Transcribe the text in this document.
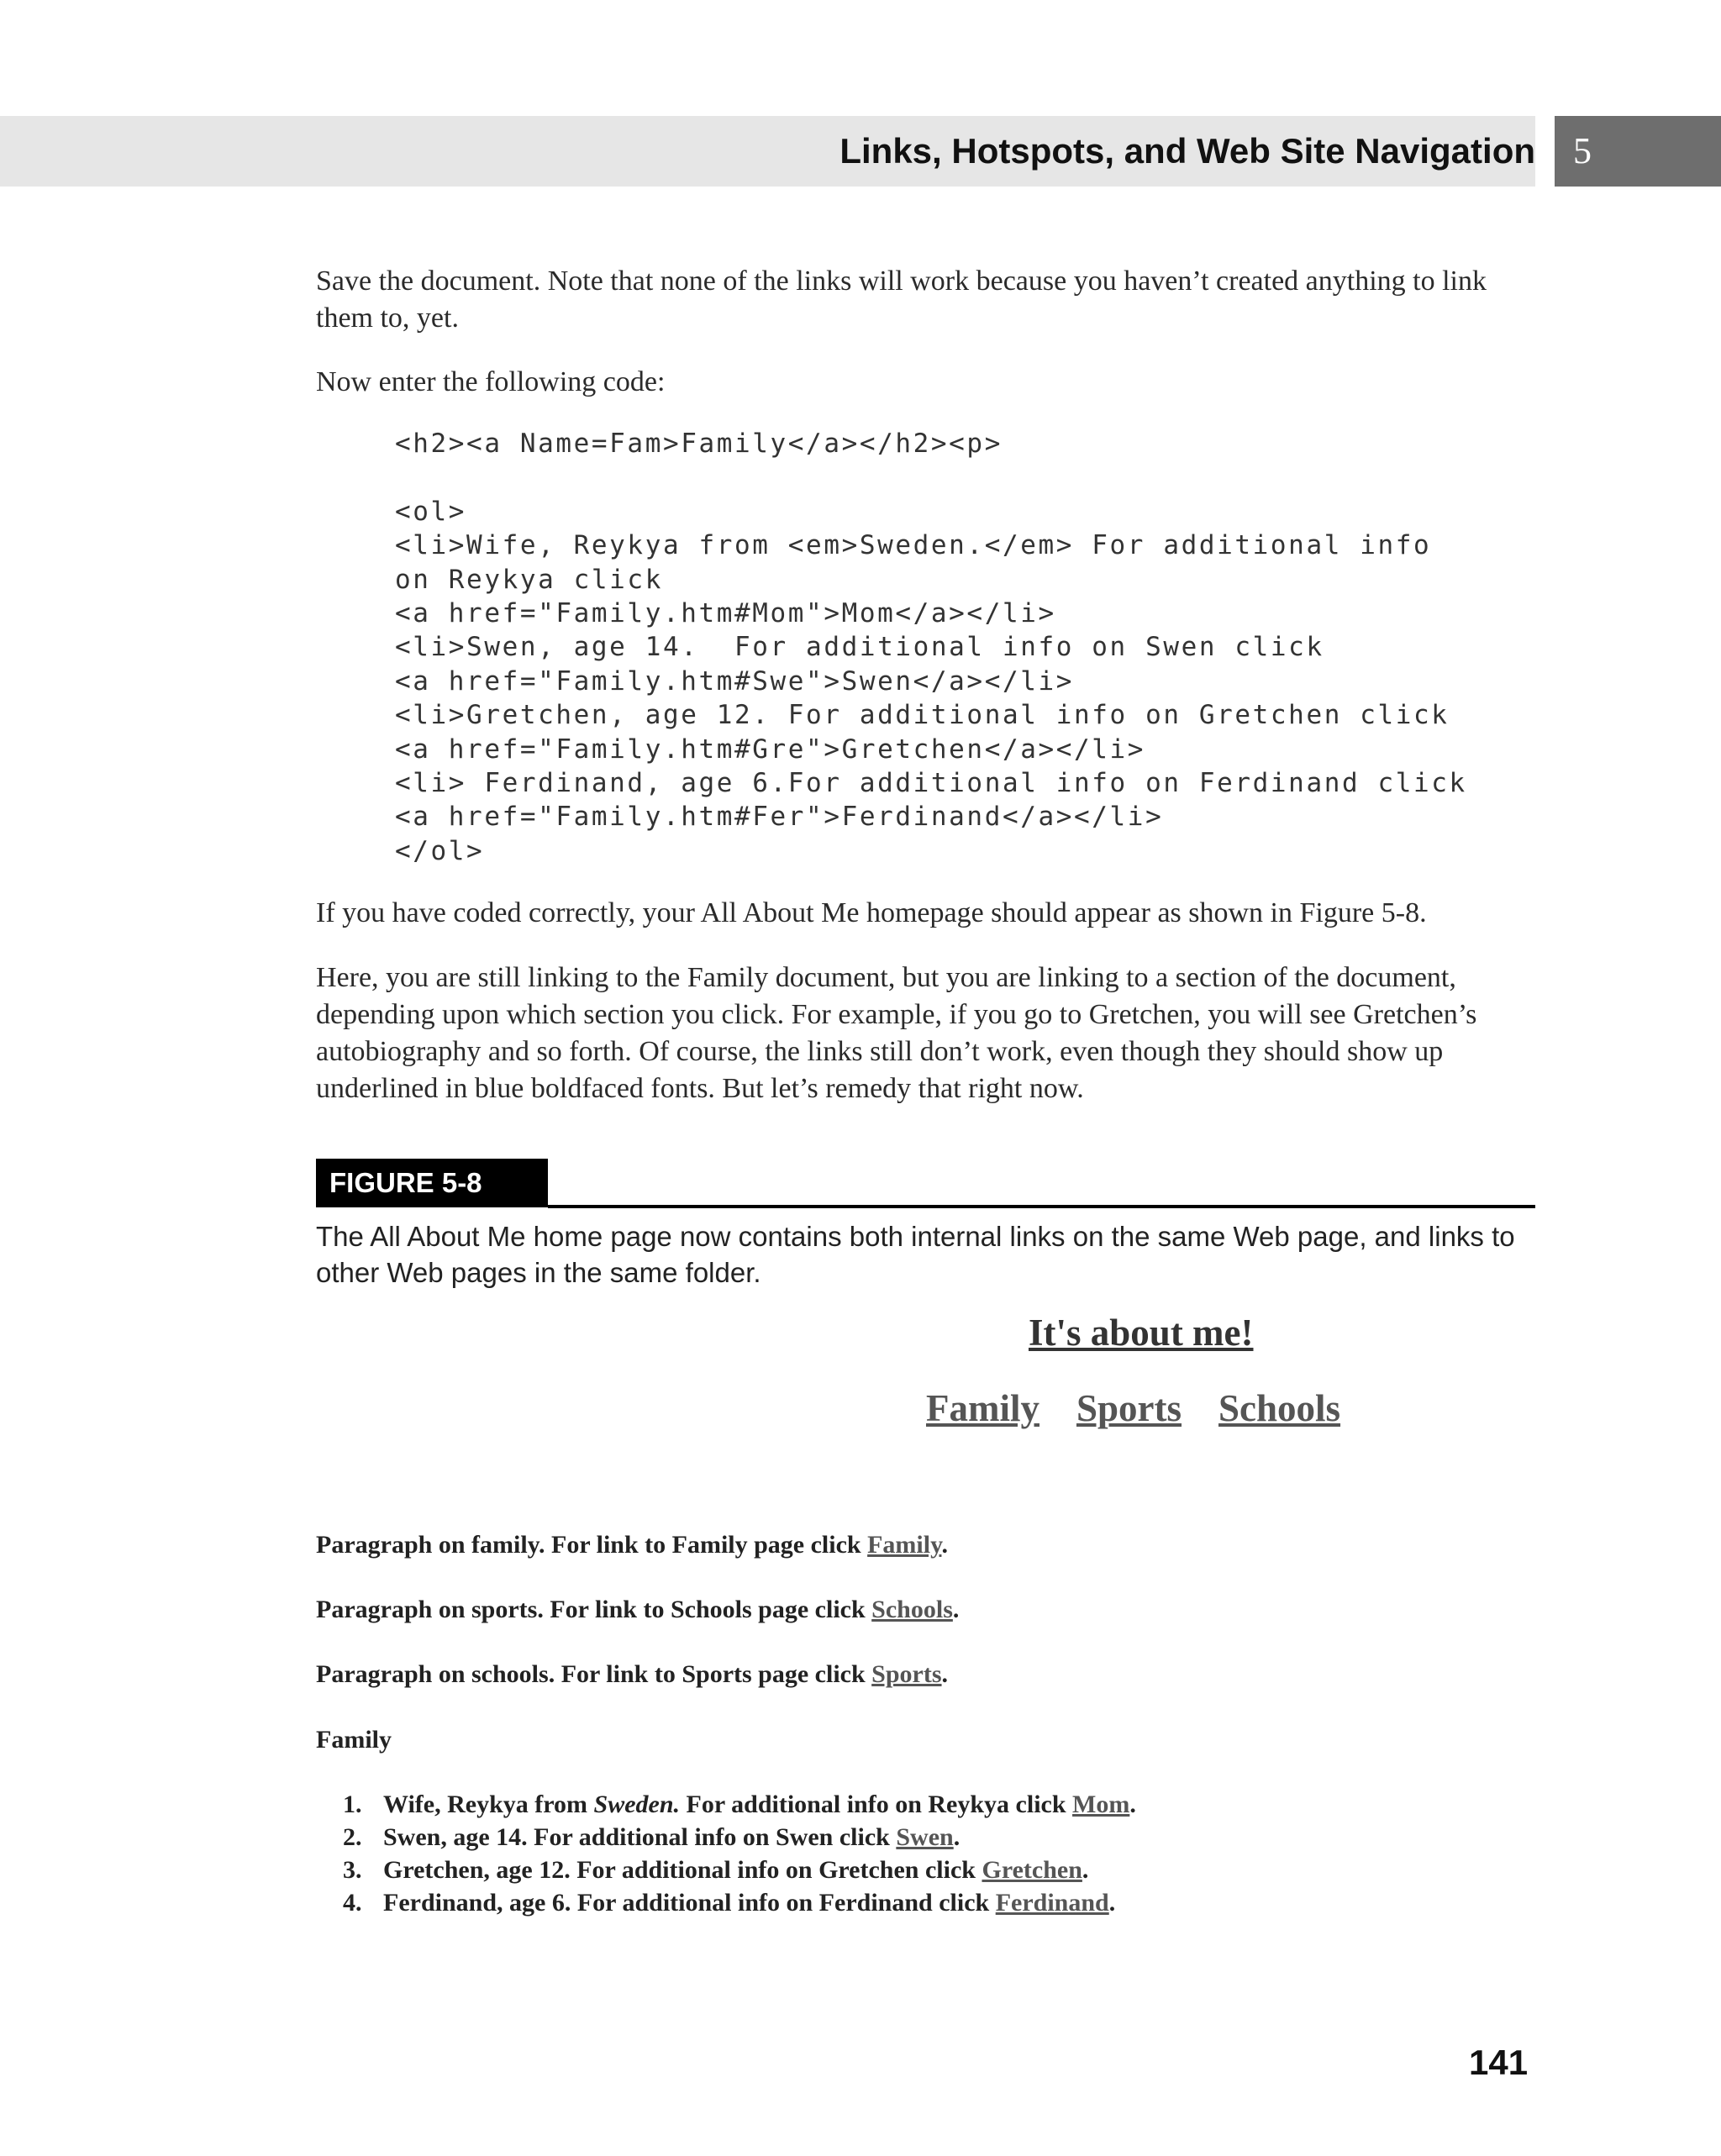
Links, Hotspots, and Web Site Navigation	5

Save the document. Note that none of the links will work because you haven’t created anything to link them to, yet.

Now enter the following code:

<h2><a Name=Fam>Family</a></h2><p>

<ol>
<li>Wife, Reykya from <em>Sweden.</em> For additional info
on Reykya click
<a href="Family.htm#Mom">Mom</a></li>
<li>Swen, age 14.  For additional info on Swen click
<a href="Family.htm#Swe">Swen</a></li>
<li>Gretchen, age 12. For additional info on Gretchen click
<a href="Family.htm#Gre">Gretchen</a></li>
<li> Ferdinand, age 6.For additional info on Ferdinand click
<a href="Family.htm#Fer">Ferdinand</a></li>
</ol>

If you have coded correctly, your All About Me homepage should appear as shown in Figure 5-8.

Here, you are still linking to the Family document, but you are linking to a section of the document, depending upon which section you click. For example, if you go to Gretchen, you will see Gretchen’s autobiography and so forth. Of course, the links still don’t work, even though they should show up underlined in blue boldfaced fonts. But let’s remedy that right now.

FIGURE 5-8

The All About Me home page now contains both internal links on the same Web page, and links to other Web pages in the same folder.

It's about me!
Family Sports Schools

Paragraph on family. For link to Family page click Family.

Paragraph on sports. For link to Schools page click Schools.

Paragraph on schools. For link to Sports page click Sports.

Family

1. Wife, Reykya from Sweden. For additional info on Reykya click Mom.
2. Swen, age 14. For additional info on Swen click Swen.
3. Gretchen, age 12. For additional info on Gretchen click Gretchen.
4. Ferdinand, age 6. For additional info on Ferdinand click Ferdinand.
141
